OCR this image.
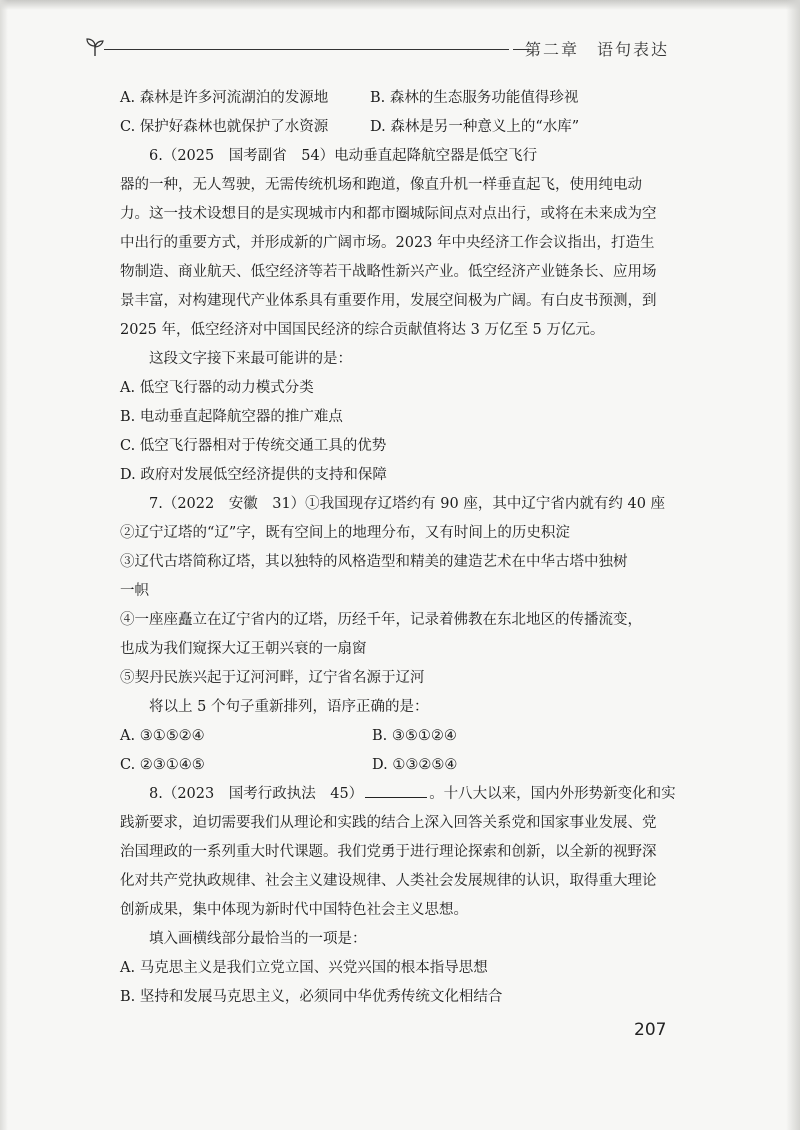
第二章　语句表达
A. 森林是许多河流湖泊的发源地	B. 森林的生态服务功能值得珍视
C. 保护好森林也就保护了水资源	D. 森林是另一种意义上的“水库”

6.（2025　国考副省　54）电动垂直起降航空器是低空飞行

器的一种，无人驾驶，无需传统机场和跑道，像直升机一样垂直起飞，使用纯电动

力。这一技术设想目的是实现城市内和都市圈城际间点对点出行，或将在未来成为空

中出行的重要方式，并形成新的广阔市场。2023 年中央经济工作会议指出，打造生

物制造、商业航天、低空经济等若干战略性新兴产业。低空经济产业链条长、应用场

景丰富，对构建现代产业体系具有重要作用，发展空间极为广阔。有白皮书预测，到

2025 年，低空经济对中国国民经济的综合贡献值将达 3 万亿至 5 万亿元。

这段文字接下来最可能讲的是：

A. 低空飞行器的动力模式分类

B. 电动垂直起降航空器的推广难点

C. 低空飞行器相对于传统交通工具的优势

D. 政府对发展低空经济提供的支持和保障

7.（2022　安徽　31）①我国现存辽塔约有 90 座，其中辽宁省内就有约 40 座

②辽宁辽塔的“辽”字，既有空间上的地理分布，又有时间上的历史积淀

③辽代古塔简称辽塔，其以独特的风格造型和精美的建造艺术在中华古塔中独树

一帜

④一座座矗立在辽宁省内的辽塔，历经千年，记录着佛教在东北地区的传播流变，

也成为我们窥探大辽王朝兴衰的一扇窗

⑤契丹民族兴起于辽河河畔，辽宁省名源于辽河

将以上 5 个句子重新排列，语序正确的是：

A. ③①⑤②④	B. ③⑤①②④
C. ②③①④⑤	D. ①③②⑤④

8.（2023　国考行政执法　45）	。十八大以来，国内外形势新变化和实

践新要求，迫切需要我们从理论和实践的结合上深入回答关系党和国家事业发展、党

治国理政的一系列重大时代课题。我们党勇于进行理论探索和创新，以全新的视野深

化对共产党执政规律、社会主义建设规律、人类社会发展规律的认识，取得重大理论

创新成果，集中体现为新时代中国特色社会主义思想。

填入画横线部分最恰当的一项是：

A. 马克思主义是我们立党立国、兴党兴国的根本指导思想

B. 坚持和发展马克思主义，必须同中华优秀传统文化相结合

207
